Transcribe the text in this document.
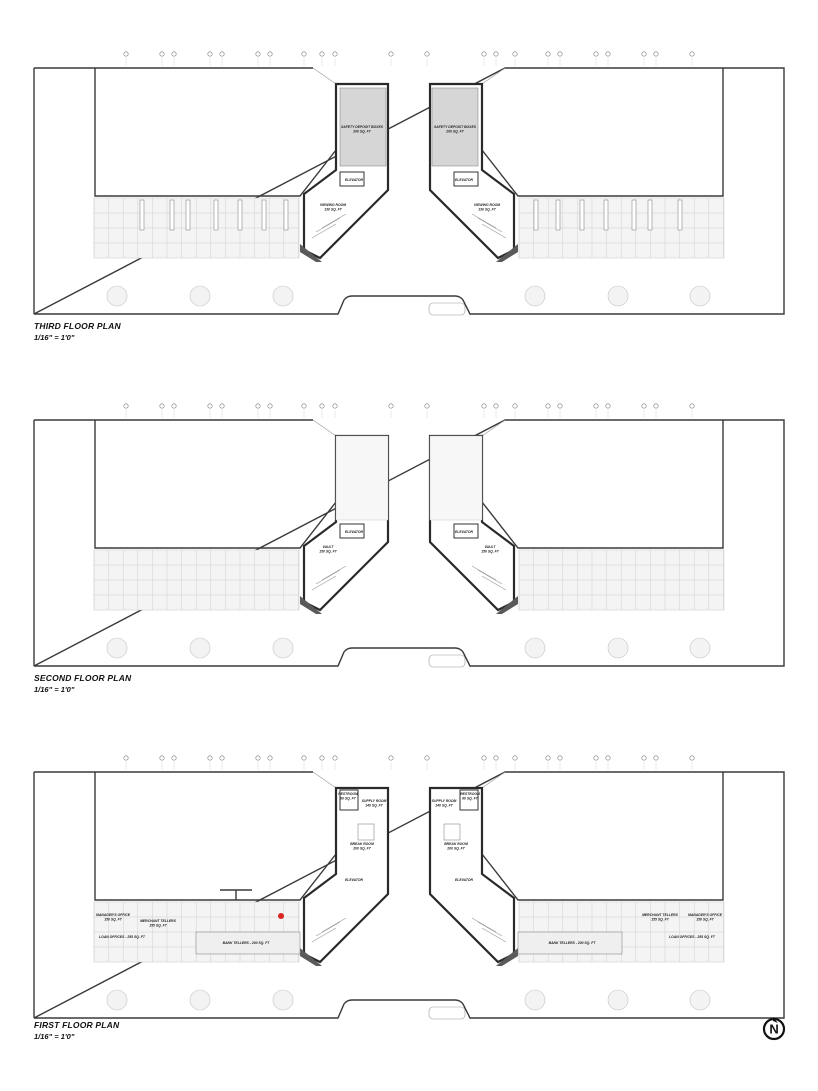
SAFETY DEPOSIT BOXES
200 SQ. FT
ELEVATOR
VIEWING ROOM
130 SQ. FT
SAFETY DEPOSIT BOXES
200 SQ. FT
ELEVATOR
VIEWING ROOM
130 SQ. FT
ELEVATOR
VAULT
150 SQ. FT
ELEVATOR
VAULT
150 SQ. FT
RESTROOM
60 SQ. FT
SUPPLY ROOM
140 SQ. FT
BREAK ROOM
200 SQ. FT
ELEVATOR
MANAGER'S OFFICE
150 SQ. FT	MERCHANT TELLERS
155 SQ. FT
LOAN OFFICES - 255 SQ. FT
BANK TELLERS - 200 SQ. FT
SUPPLY ROOM
140 SQ. FT
RESTROOM
60 SQ. FT
BREAK ROOM
200 SQ. FT
ELEVATOR
MERCHANT TELLERS
155 SQ. FT
MANAGER'S OFFICE
150 SQ. FT
LOAN OFFICES - 255 SQ. FT
BANK TELLERS - 200 SQ. FT
N
THIRD FLOOR PLAN
1/16" = 1'0"
SECOND FLOOR PLAN
1/16" = 1'0"
FIRST FLOOR PLAN
1/16" = 1'0"
